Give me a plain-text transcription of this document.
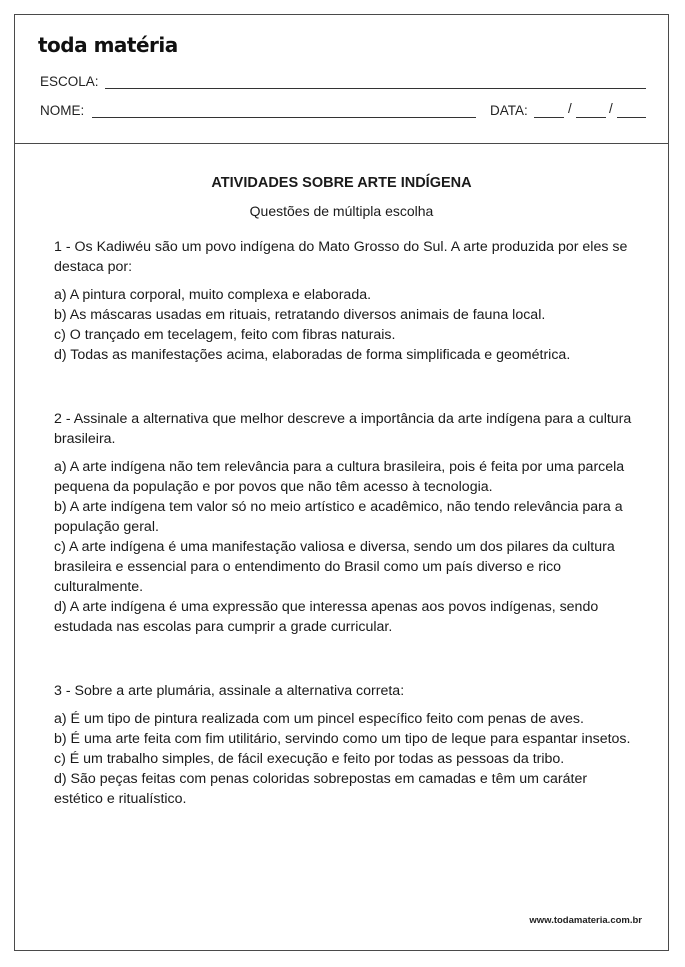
toda matéria
ESCOLA:
NOME:	DATA:	/	/
ATIVIDADES SOBRE ARTE INDÍGENA
Questões de múltipla escolha

1 - Os Kadiwéu são um povo indígena do Mato Grosso do Sul. A arte produzida por eles se destaca por:

a) A pintura corporal, muito complexa e elaborada.

b) As máscaras usadas em rituais, retratando diversos animais de fauna local.

c) O trançado em tecelagem, feito com fibras naturais.

d) Todas as manifestações acima, elaboradas de forma simplificada e geométrica.

2 - Assinale a alternativa que melhor descreve a importância da arte indígena para a cultura brasileira.

a) A arte indígena não tem relevância para a cultura brasileira, pois é feita por uma parcela pequena da população e por povos que não têm acesso à tecnologia.

b) A arte indígena tem valor só no meio artístico e acadêmico, não tendo relevância para a população geral.

c) A arte indígena é uma manifestação valiosa e diversa, sendo um dos pilares da cultura brasileira e essencial para o entendimento do Brasil como um país diverso e rico culturalmente.

d) A arte indígena é uma expressão que interessa apenas aos povos indígenas, sendo estudada nas escolas para cumprir a grade curricular.

3 - Sobre a arte plumária, assinale a alternativa correta:

a) É um tipo de pintura realizada com um pincel específico feito com penas de aves.

b) É uma arte feita com fim utilitário, servindo como um tipo de leque para espantar insetos.

c) É um trabalho simples, de fácil execução e feito por todas as pessoas da tribo.

d) São peças feitas com penas coloridas sobrepostas em camadas e têm um caráter estético e ritualístico.

www.todamateria.com.br
